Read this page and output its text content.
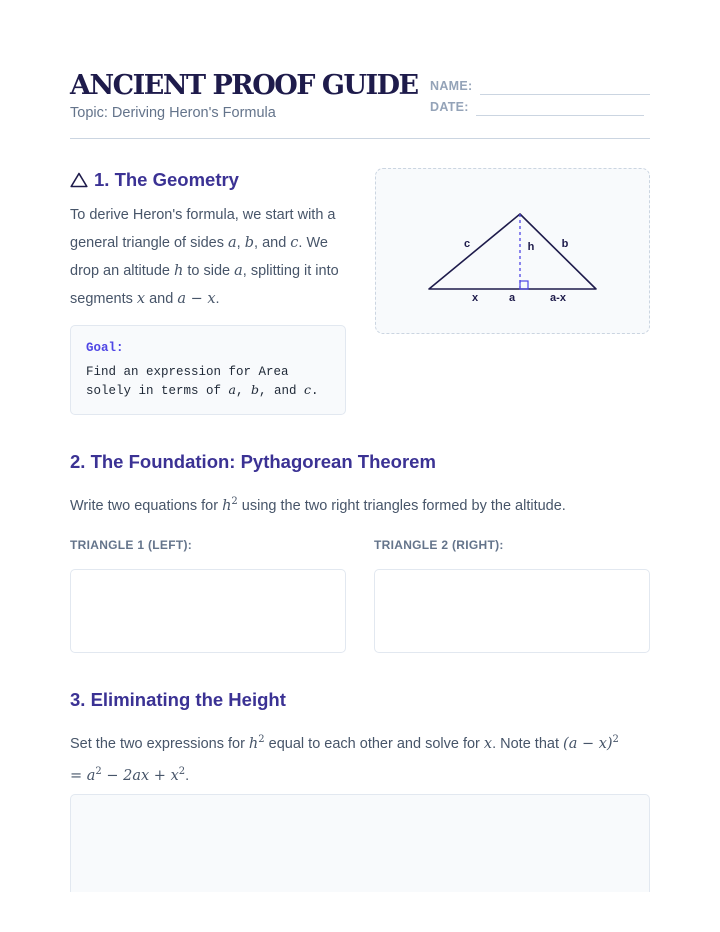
ANCIENT PROOF GUIDE
Topic: Deriving Heron's Formula
NAME:
DATE:
1. The Geometry
To derive Heron's formula, we start with a general triangle of sides a, b, and c. We drop an altitude h to side a, splitting it into segments x and a − x.
Goal:
Find an expression for Area solely in terms of a, b, and c.
c	b
h
x	a	a-x
2. The Foundation: Pythagorean Theorem
Write two equations for $h^2$ using the two right triangles formed by the altitude.
TRIANGLE 1 (LEFT):	TRIANGLE 2 (RIGHT):
3. Eliminating the Height
Set the two expressions for $h^2$ equal to each other and solve for x. Note that $(a - x)^2$
= $a^2 - 2ax + x^2$.
